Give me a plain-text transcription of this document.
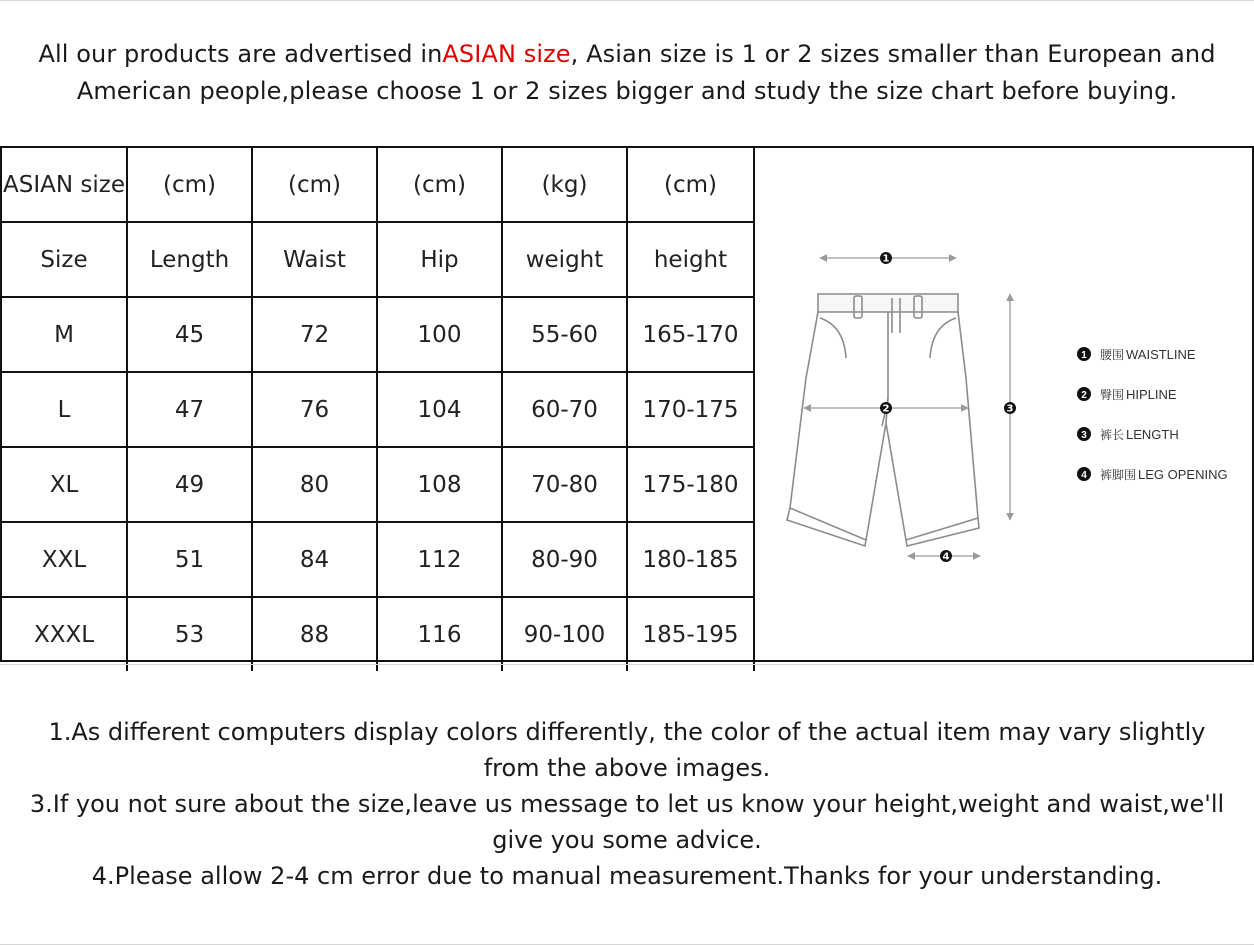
All our products are advertised inASIAN size, Asian size is 1 or 2 sizes smaller than European and
American people,please choose 1 or 2 sizes bigger and study the size chart before buying.
ASIAN size	(cm)	(cm)	(cm)	(kg)	(cm)
Size	Length	Waist	Hip	weight	height
M	45	72	100	55-60	165-170
L	47	76	104	60-70	170-175
XL	49	80	108	70-80	175-180
XXL	51	84	112	80-90	180-185
XXXL	53	88	116	90-100	185-195
1
2	3
4
1 腰围 WAISTLINE
2 臀围 HIPLINE
3 裤长 LENGTH
4 裤脚围 LEG OPENING
1.As different computers display colors differently, the color of the actual item may vary slightly
from the above images.
3.If you not sure about the size,leave us message to let us know your height,weight and waist,we'll
give you some advice.
4.Please allow 2-4 cm error due to manual measurement.Thanks for your understanding.
